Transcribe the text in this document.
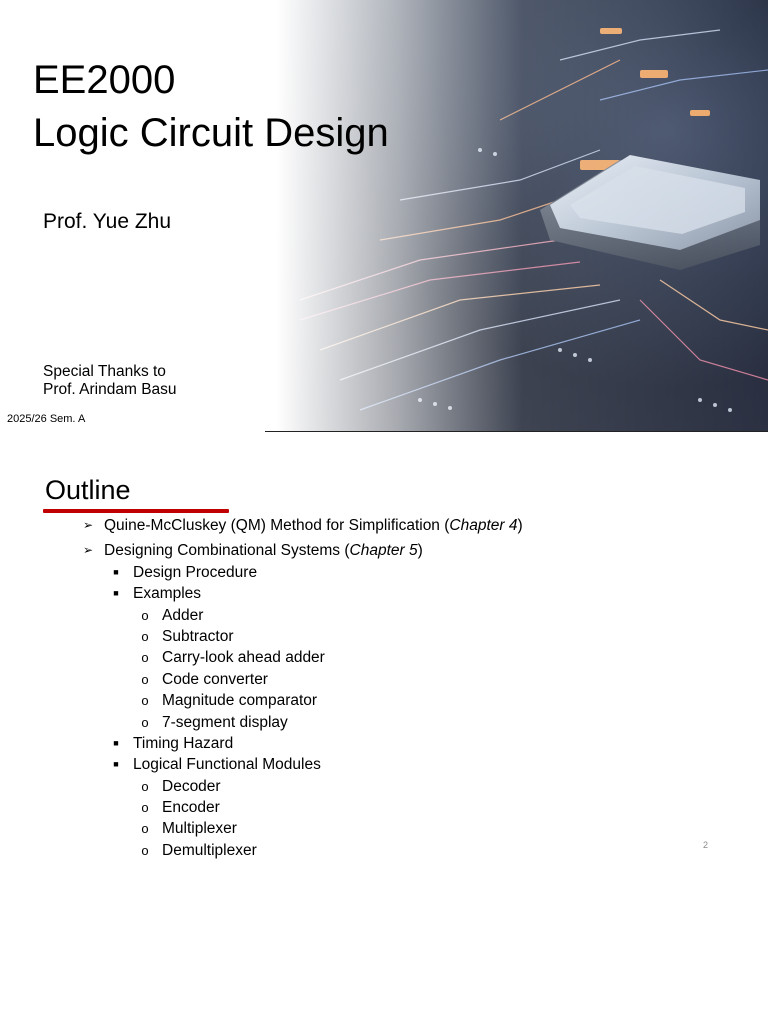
EE2000
Logic Circuit Design
Prof. Yue Zhu
Special Thanks to
Prof. Arindam Basu
2025/26 Sem. A
Outline
➢ Quine-McCluskey (QM) Method for Simplification (Chapter 4)
➢ Designing Combinational Systems (Chapter 5)
■ Design Procedure
■ Examples
o Adder
o Subtractor
o Carry-look ahead adder
o Code converter
o Magnitude comparator
o 7-segment display
■ Timing Hazard
■ Logical Functional Modules
o Decoder
o Encoder
o Multiplexer
o Demultiplexer	2
